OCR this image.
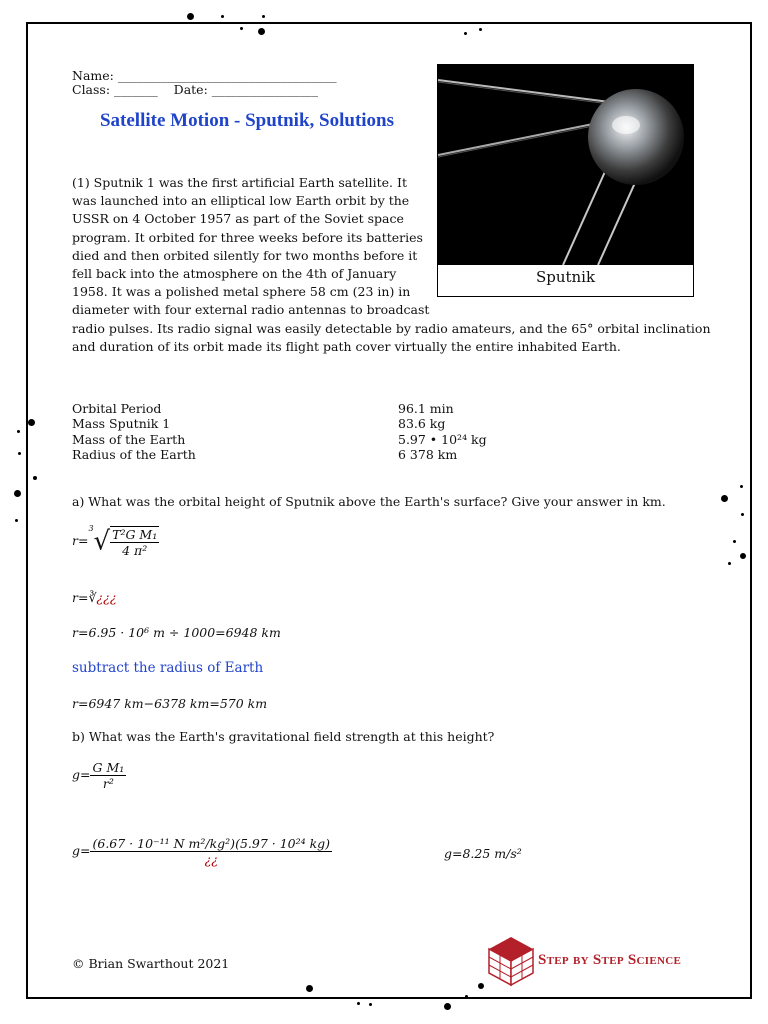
Name: ___________________________________
Class: _______    Date: _________________
Satellite Motion - Sputnik, Solutions
Sputnik
(1) Sputnik 1 was the first artificial Earth satellite. It
was launched into an elliptical low Earth orbit by the
USSR on 4 October 1957 as part of the Soviet space
program. It orbited for three weeks before its batteries
died and then orbited silently for two months before it
fell back into the atmosphere on the 4th of January
1958. It was a polished metal sphere 58 cm (23 in) in
diameter with four external radio antennas to broadcast
radio pulses. Its radio signal was easily detectable by radio amateurs, and the 65° orbital inclination
and duration of its orbit made its flight path cover virtually the entire inhabited Earth.
Orbital Period	96.1 min
Mass Sputnik 1	83.6 kg
Mass of the Earth	5.97 • 10²⁴ kg
Radius of the Earth	6 378 km
a) What was the orbital height of Sputnik above the Earth's surface? Give your answer in km.
$r=^3√ \frac{\text{T²G M₁}}{\text{4 π²}}$
r=∛¿¿¿
r=6.95 · 10⁶ m ÷ 1000=6948 km
subtract the radius of Earth
r=6947 km−6378 km=570 km
b) What was the Earth's gravitational field strength at this height?
$g= \frac{\text{G M₁}}{\text{r²}}$
$g= \frac{\text{(6.67 · 10⁻¹¹ N m²/kg²)(5.97 · 10²⁴ kg)}}{¿¿}$	g=8.25 m/s²
© Brian Swarthout 2021	Step by Step Science
